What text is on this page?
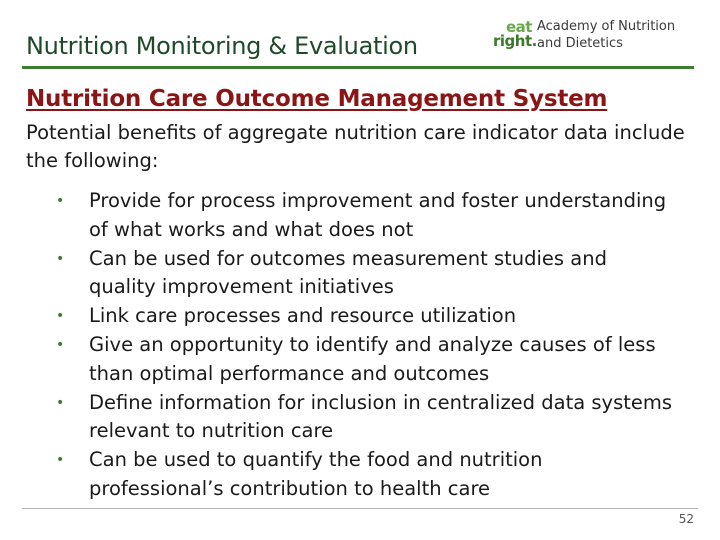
Nutrition Monitoring & Evaluation
eat
right.
Academy of Nutrition
and Dietetics
Nutrition Care Outcome Management System
Potential benefits of aggregate nutrition care indicator data include the following:
• Provide for process improvement and foster understanding of what works and what does not
• Can be used for outcomes measurement studies and quality improvement initiatives
• Link care processes and resource utilization
• Give an opportunity to identify and analyze causes of less than optimal performance and outcomes
• Define information for inclusion in centralized data systems relevant to nutrition care
• Can be used to quantify the food and nutrition professional’s contribution to health care
52
